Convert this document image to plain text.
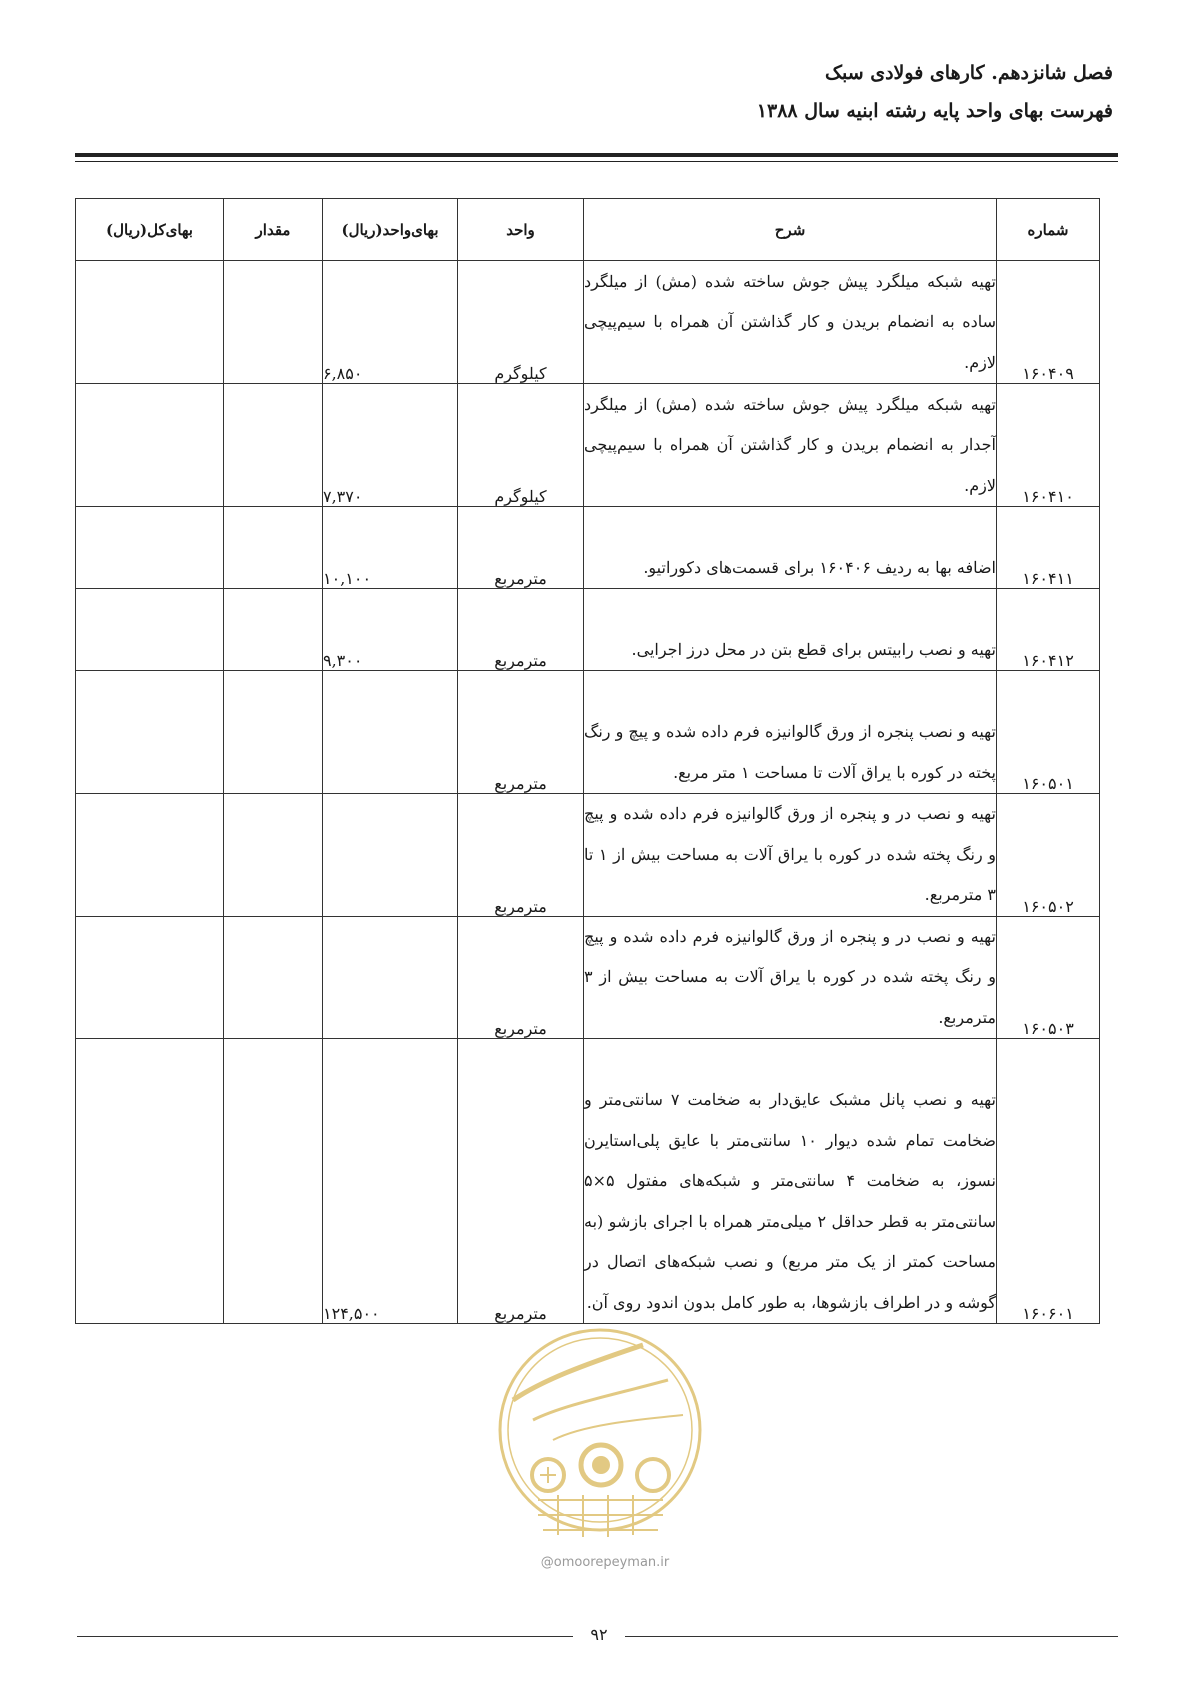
فصل شانزدهم. کارهای فولادی سبک
فهرست بهای واحد پایه رشته ابنیه سال ۱۳۸۸
شماره	شرح	واحد	بهای‌واحد(ریال)	مقدار	بهای‌کل(ریال)
۱۶۰۴۰۹	تهیه شبکه میلگرد پیش جوش ساخته شده (مش) از میلگرد ساده به انضمام بریدن و کار گذاشتن آن همراه با سیم‌پیچی لازم.	کیلوگرم	۶,۸۵۰		
۱۶۰۴۱۰	تهیه شبکه میلگرد پیش جوش ساخته شده (مش) از میلگرد آجدار به انضمام بریدن و کار گذاشتن آن همراه با سیم‌پیچی لازم.	کیلوگرم	۷,۳۷۰		
۱۶۰۴۱۱	اضافه بها به ردیف ۱۶۰۴۰۶ برای قسمت‌های دکوراتیو.	مترمربع	۱۰,۱۰۰		
۱۶۰۴۱۲	تهیه و نصب رابیتس برای قطع بتن در محل درز اجرایی.	مترمربع	۹,۳۰۰		
۱۶۰۵۰۱	تهیه و نصب پنجره از ورق گالوانیزه فرم داده شده و پیچ و رنگ پخته در کوره با یراق آلات تا مساحت ۱ متر مربع.	مترمربع			
۱۶۰۵۰۲	تهیه و نصب در و پنجره از ورق گالوانیزه فرم داده شده و پیچ و رنگ پخته شده در کوره با یراق آلات به مساحت بیش از ۱ تا ۳ مترمربع.	مترمربع			
۱۶۰۵۰۳	تهیه و نصب در و پنجره از ورق گالوانیزه فرم داده شده و پیچ و رنگ پخته شده در کوره با یراق آلات به مساحت بیش از ۳ مترمربع.	مترمربع			
۱۶۰۶۰۱	تهیه و نصب پانل مشبک عایق‌دار به ضخامت ۷ سانتی‌متر و ضخامت تمام شده دیوار ۱۰ سانتی‌متر با عایق پلی‌استایرن نسوز، به ضخامت ۴ سانتی‌متر و شبکه‌های مفتول ۵×۵ سانتی‌متر به قطر حداقل ۲ میلی‌متر همراه با اجرای بازشو (به مساحت کمتر از یک متر مربع) و نصب شبکه‌های اتصال در گوشه و در اطراف بازشوها، به طور کامل بدون اندود روی آن.	مترمربع	۱۲۴,۵۰۰		
@omoorepeyman.ir
۹۲
